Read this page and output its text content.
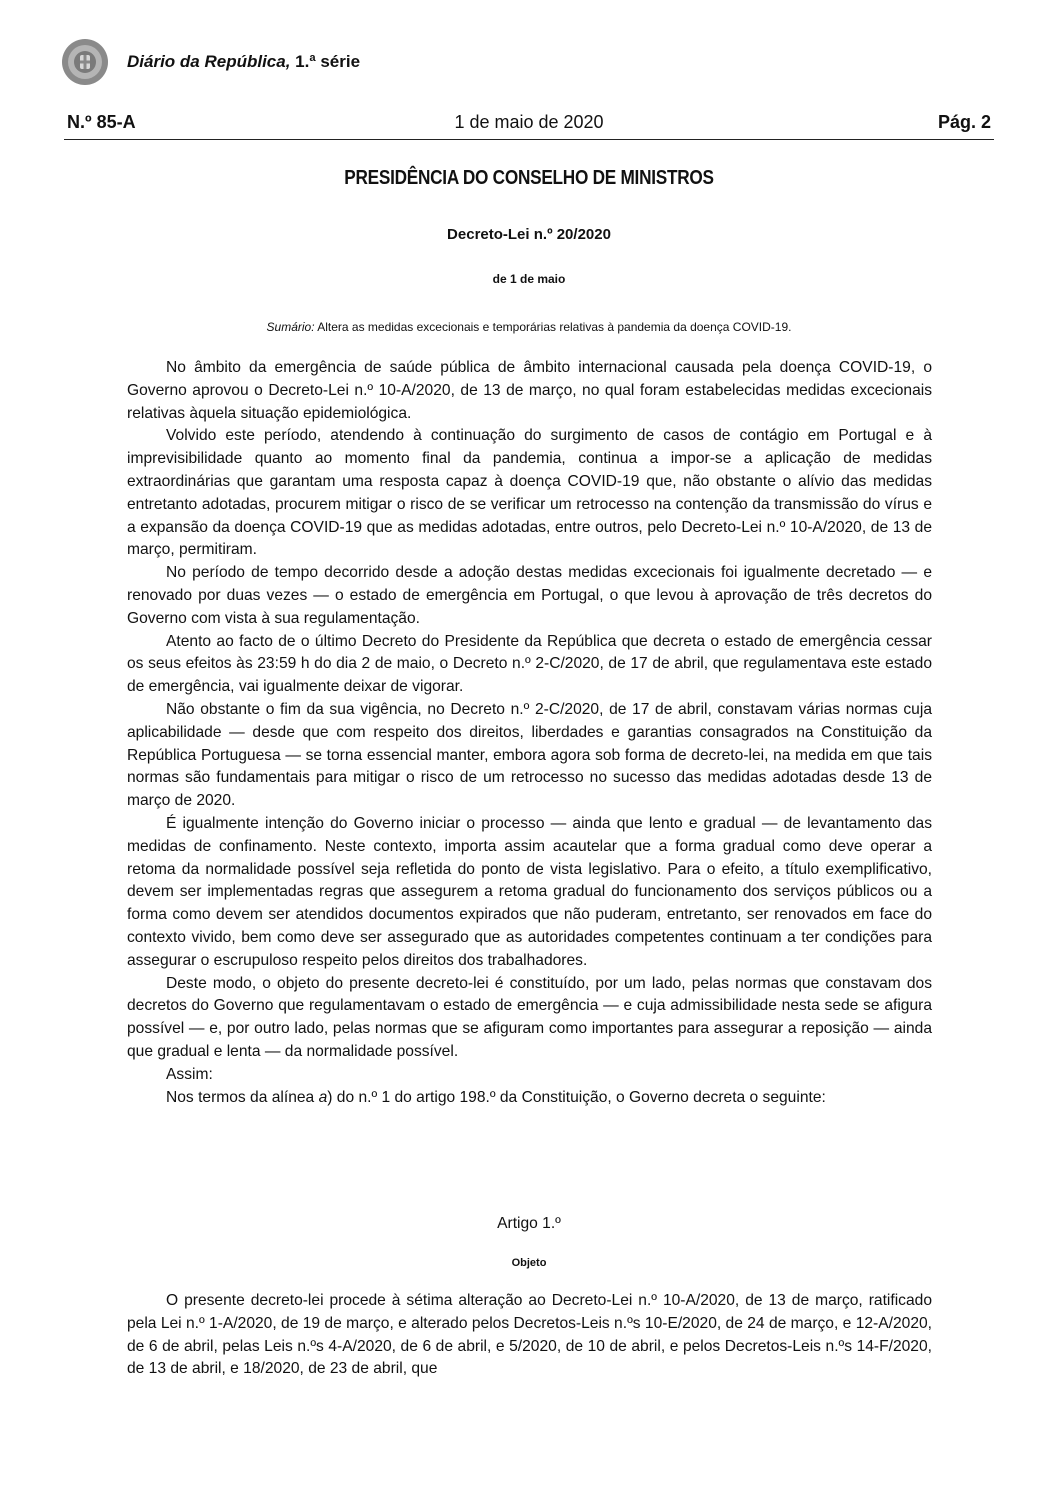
Diário da República, 1.ª série
N.º 85-A	1 de maio de 2020	Pág. 2
PRESIDÊNCIA DO CONSELHO DE MINISTROS
Decreto-Lei n.º 20/2020
de 1 de maio
Sumário: Altera as medidas excecionais e temporárias relativas à pandemia da doença COVID-19.

No âmbito da emergência de saúde pública de âmbito internacional causada pela doença COVID-19, o Governo aprovou o Decreto-Lei n.º 10-A/2020, de 13 de março, no qual foram estabelecidas medidas excecionais relativas àquela situação epidemiológica.

Volvido este período, atendendo à continuação do surgimento de casos de contágio em Portugal e à imprevisibilidade quanto ao momento final da pandemia, continua a impor-se a aplicação de medidas extraordinárias que garantam uma resposta capaz à doença COVID-19 que, não obstante o alívio das medidas entretanto adotadas, procurem mitigar o risco de se verificar um retrocesso na contenção da transmissão do vírus e a expansão da doença COVID-19 que as medidas adotadas, entre outros, pelo Decreto-Lei n.º 10-A/2020, de 13 de março, permitiram.

No período de tempo decorrido desde a adoção destas medidas excecionais foi igualmente decretado — e renovado por duas vezes — o estado de emergência em Portugal, o que levou à aprovação de três decretos do Governo com vista à sua regulamentação.

Atento ao facto de o último Decreto do Presidente da República que decreta o estado de emergência cessar os seus efeitos às 23:59 h do dia 2 de maio, o Decreto n.º 2-C/2020, de 17 de abril, que regulamentava este estado de emergência, vai igualmente deixar de vigorar.

Não obstante o fim da sua vigência, no Decreto n.º 2-C/2020, de 17 de abril, constavam várias normas cuja aplicabilidade — desde que com respeito dos direitos, liberdades e garantias consagrados na Constituição da República Portuguesa — se torna essencial manter, embora agora sob forma de decreto-lei, na medida em que tais normas são fundamentais para mitigar o risco de um retrocesso no sucesso das medidas adotadas desde 13 de março de 2020.

É igualmente intenção do Governo iniciar o processo — ainda que lento e gradual — de levantamento das medidas de confinamento. Neste contexto, importa assim acautelar que a forma gradual como deve operar a retoma da normalidade possível seja refletida do ponto de vista legislativo. Para o efeito, a título exemplificativo, devem ser implementadas regras que assegurem a retoma gradual do funcionamento dos serviços públicos ou a forma como devem ser atendidos documentos expirados que não puderam, entretanto, ser renovados em face do contexto vivido, bem como deve ser assegurado que as autoridades competentes continuam a ter condições para assegurar o escrupuloso respeito pelos direitos dos trabalhadores.

Deste modo, o objeto do presente decreto-lei é constituído, por um lado, pelas normas que constavam dos decretos do Governo que regulamentavam o estado de emergência — e cuja admissibilidade nesta sede se afigura possível — e, por outro lado, pelas normas que se afiguram como importantes para assegurar a reposição — ainda que gradual e lenta — da normalidade possível.

Assim:

Nos termos da alínea a) do n.º 1 do artigo 198.º da Constituição, o Governo decreta o seguinte:

Artigo 1.º
Objeto

O presente decreto-lei procede à sétima alteração ao Decreto-Lei n.º 10-A/2020, de 13 de março, ratificado pela Lei n.º 1-A/2020, de 19 de março, e alterado pelos Decretos-Leis n.ºs 10-E/2020, de 24 de março, e 12-A/2020, de 6 de abril, pelas Leis n.ºs 4-A/2020, de 6 de abril, e 5/2020, de 10 de abril, e pelos Decretos-Leis n.ºs 14-F/2020, de 13 de abril, e 18/2020, de 23 de abril, que
